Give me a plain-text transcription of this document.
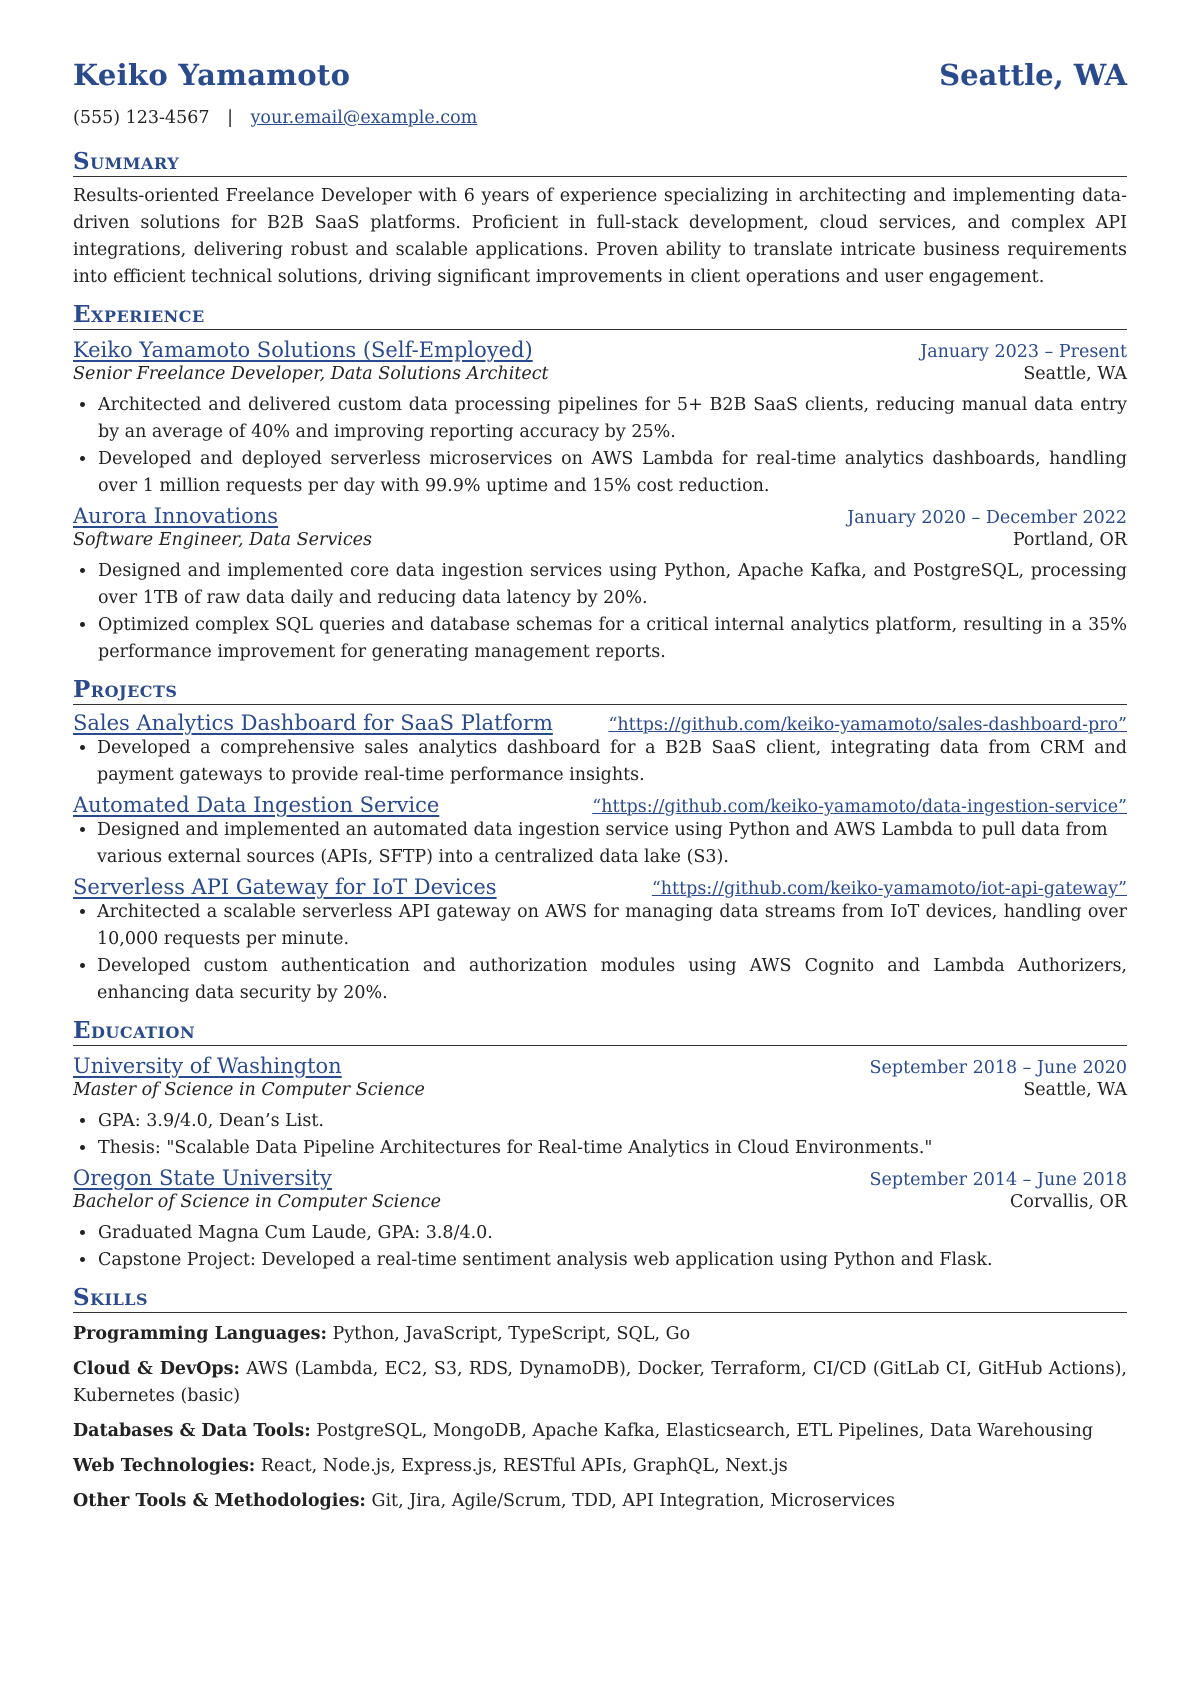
Keiko Yamamoto	Seattle, WA
(555) 123-4567 | your.email@example.com
Summary
Results-oriented Freelance Developer with 6 years of experience specializing in architecting and implementing data-driven solutions for B2B SaaS platforms. Proficient in full-stack development, cloud services, and complex API integrations, delivering robust and scalable applications. Proven ability to translate intricate business requirements into efficient technical solutions, driving significant improvements in client operations and user engagement.
Experience
Keiko Yamamoto Solutions (Self-Employed)	January 2023 – Present
Senior Freelance Developer, Data Solutions Architect	Seattle, WA
• Architected and delivered custom data processing pipelines for 5+ B2B SaaS clients, reducing manual data entry by an average of 40% and improving reporting accuracy by 25%.
• Developed and deployed serverless microservices on AWS Lambda for real-time analytics dashboards, handling over 1 million requests per day with 99.9% uptime and 15% cost reduction.
Aurora Innovations	January 2020 – December 2022
Software Engineer, Data Services	Portland, OR
• Designed and implemented core data ingestion services using Python, Apache Kafka, and PostgreSQL, processing over 1TB of raw data daily and reducing data latency by 20%.
• Optimized complex SQL queries and database schemas for a critical internal analytics platform, resulting in a 35% performance improvement for generating management reports.
Projects
Sales Analytics Dashboard for SaaS Platform	“https://github.com/keiko-yamamoto/sales-dashboard-pro”
• Developed a comprehensive sales analytics dashboard for a B2B SaaS client, integrating data from CRM and payment gateways to provide real-time performance insights.
Automated Data Ingestion Service	“https://github.com/keiko-yamamoto/data-ingestion-service”
• Designed and implemented an automated data ingestion service using Python and AWS Lambda to pull data from various external sources (APIs, SFTP) into a centralized data lake (S3).
Serverless API Gateway for IoT Devices	“https://github.com/keiko-yamamoto/iot-api-gateway”
• Architected a scalable serverless API gateway on AWS for managing data streams from IoT devices, handling over 10,000 requests per minute.
• Developed custom authentication and authorization modules using AWS Cognito and Lambda Authorizers, enhancing data security by 20%.
Education
University of Washington	September 2018 – June 2020
Master of Science in Computer Science	Seattle, WA
• GPA: 3.9/4.0, Dean’s List.
• Thesis: "Scalable Data Pipeline Architectures for Real-time Analytics in Cloud Environments."
Oregon State University	September 2014 – June 2018
Bachelor of Science in Computer Science	Corvallis, OR
• Graduated Magna Cum Laude, GPA: 3.8/4.0.
• Capstone Project: Developed a real-time sentiment analysis web application using Python and Flask.
Skills
Programming Languages: Python, JavaScript, TypeScript, SQL, Go
Cloud & DevOps: AWS (Lambda, EC2, S3, RDS, DynamoDB), Docker, Terraform, CI/CD (GitLab CI, GitHub Actions), Kubernetes (basic)
Databases & Data Tools: PostgreSQL, MongoDB, Apache Kafka, Elasticsearch, ETL Pipelines, Data Warehousing
Web Technologies: React, Node.js, Express.js, RESTful APIs, GraphQL, Next.js
Other Tools & Methodologies: Git, Jira, Agile/Scrum, TDD, API Integration, Microservices
